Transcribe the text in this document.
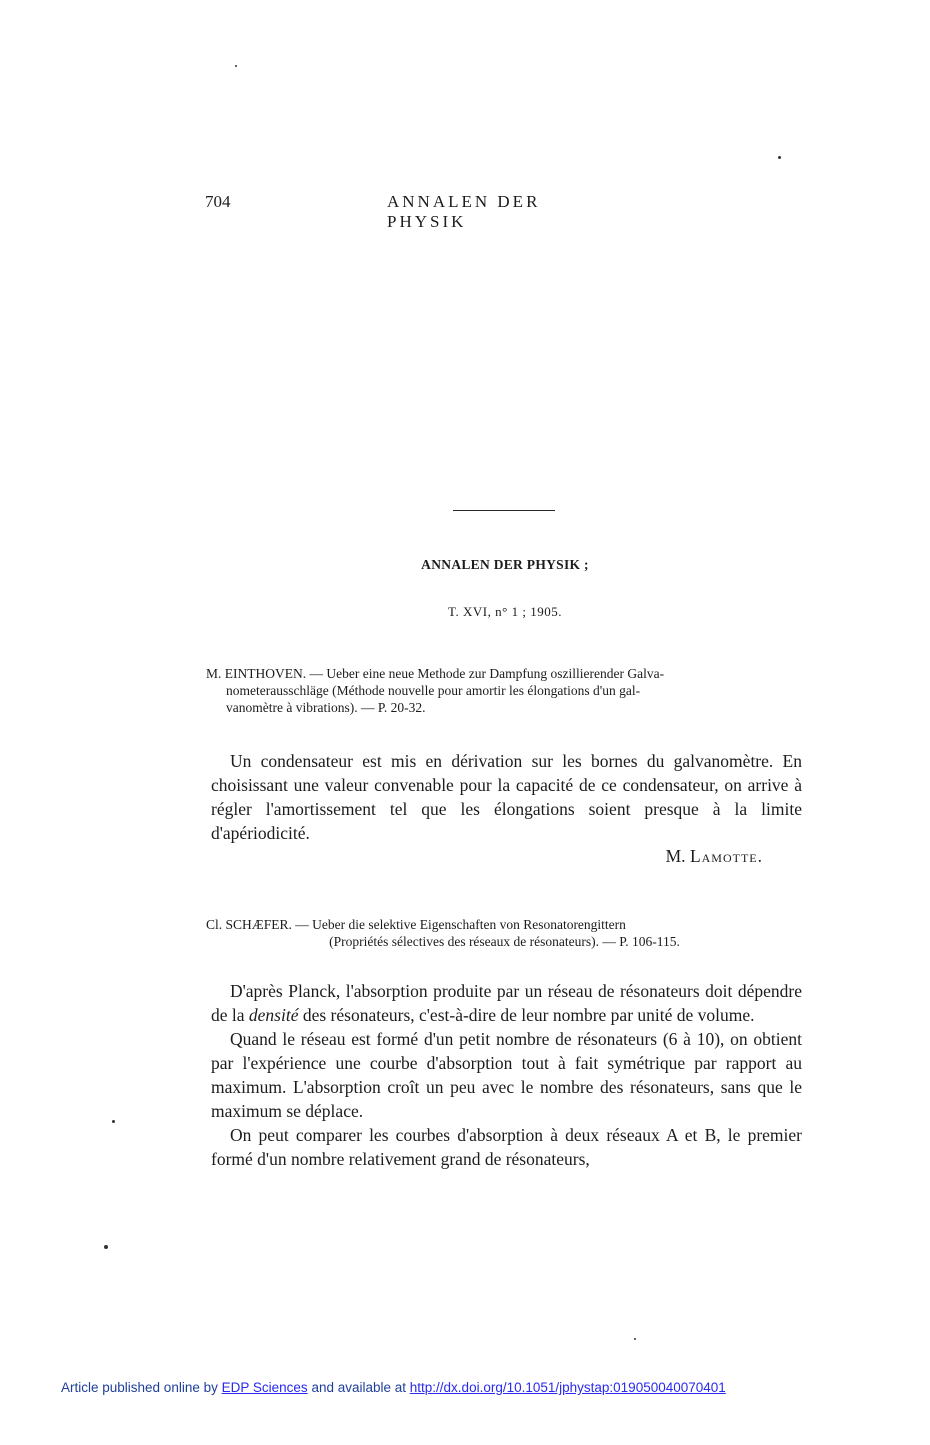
704	ANNALEN DER PHYSIK
ANNALEN DER PHYSIK ;
T. XVI, n° 1 ; 1905.
M. EINTHOVEN. — Ueber eine neue Methode zur Dampfung oszillierender Galva-
nometerausschläge (Méthode nouvelle pour amortir les élongations d'un gal-
vanomètre à vibrations). — P. 20-32.

Un condensateur est mis en dérivation sur les bornes du galvanomètre. En choisissant une valeur convenable pour la capacité de ce condensateur, on arrive à régler l'amortissement tel que les élongations soient presque à la limite d'apériodicité.

M. Lamotte.
Cl. SCHÆFER. — Ueber die selektive Eigenschaften von Resonatorengittern
(Propriétés sélectives des réseaux de résonateurs). — P. 106-115.

D'après Planck, l'absorption produite par un réseau de résonateurs doit dépendre de la densité des résonateurs, c'est-à-dire de leur nombre par unité de volume.

Quand le réseau est formé d'un petit nombre de résonateurs (6 à 10), on obtient par l'expérience une courbe d'absorption tout à fait symétrique par rapport au maximum. L'absorption croît un peu avec le nombre des résonateurs, sans que le maximum se déplace.

On peut comparer les courbes d'absorption à deux réseaux A et B, le premier formé d'un nombre relativement grand de résonateurs,

Article published online by EDP Sciences and available at http://dx.doi.org/10.1051/jphystap:019050040070401
